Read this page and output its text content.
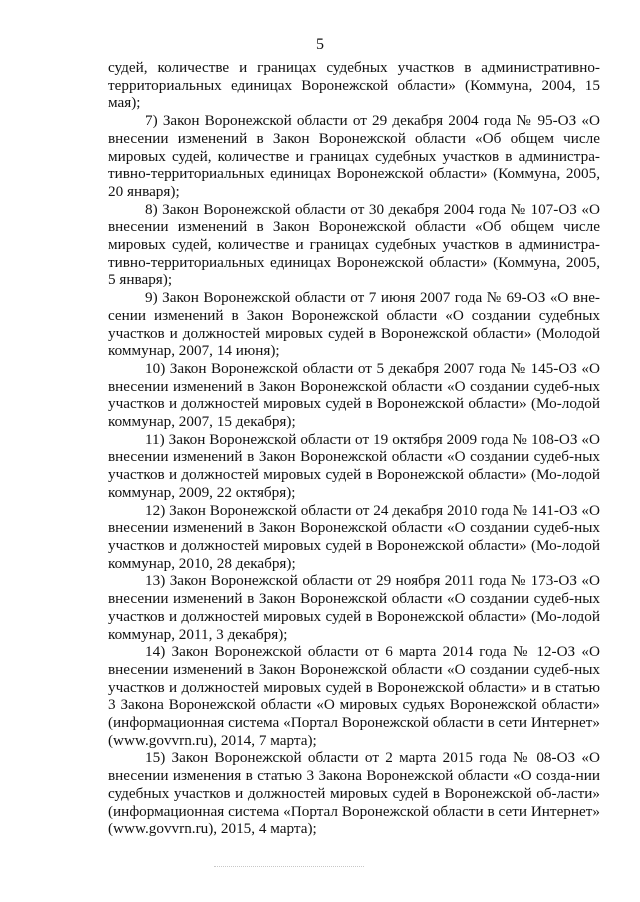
5

судей, количестве и границах судебных участков в административно-территориальных единицах Воронежской области» (Коммуна, 2004, 15 мая);

7) Закон Воронежской области от 29 декабря 2004 года № 95-ОЗ «О внесении изменений в Закон Воронежской области «Об общем числе мировых судей, количестве и границах судебных участков в администра-тивно-территориальных единицах Воронежской области» (Коммуна, 2005, 20 января);

8) Закон Воронежской области от 30 декабря 2004 года № 107-ОЗ «О внесении изменений в Закон Воронежской области «Об общем числе мировых судей, количестве и границах судебных участков в администра-тивно-территориальных единицах Воронежской области» (Коммуна, 2005, 5 января);

9) Закон Воронежской области от 7 июня 2007 года № 69-ОЗ «О вне-сении изменений в Закон Воронежской области «О создании судебных участков и должностей мировых судей в Воронежской области» (Молодой коммунар, 2007, 14 июня);

10) Закон Воронежской области от 5 декабря 2007 года № 145-ОЗ «О внесении изменений в Закон Воронежской области «О создании судеб-ных участков и должностей мировых судей в Воронежской области» (Мо-лодой коммунар, 2007, 15 декабря);

11) Закон Воронежской области от 19 октября 2009 года № 108-ОЗ «О внесении изменений в Закон Воронежской области «О создании судеб-ных участков и должностей мировых судей в Воронежской области» (Мо-лодой коммунар, 2009, 22 октября);

12) Закон Воронежской области от 24 декабря 2010 года № 141-ОЗ «О внесении изменений в Закон Воронежской области «О создании судеб-ных участков и должностей мировых судей в Воронежской области» (Мо-лодой коммунар, 2010, 28 декабря);

13) Закон Воронежской области от 29 ноября 2011 года № 173-ОЗ «О внесении изменений в Закон Воронежской области «О создании судеб-ных участков и должностей мировых судей в Воронежской области» (Мо-лодой коммунар, 2011, 3 декабря);

14) Закон Воронежской области от 6 марта 2014 года № 12-ОЗ «О внесении изменений в Закон Воронежской области «О создании судеб-ных участков и должностей мировых судей в Воронежской области» и в статью 3 Закона Воронежской области «О мировых судьях Воронежской области» (информационная система «Портал Воронежской области в сети Интернет» (www.govvrn.ru), 2014, 7 марта);

15) Закон Воронежской области от 2 марта 2015 года № 08-ОЗ «О внесении изменения в статью 3 Закона Воронежской области «О созда-нии судебных участков и должностей мировых судей в Воронежской об-ласти» (информационная система «Портал Воронежской области в сети Интернет» (www.govvrn.ru), 2015, 4 марта);
